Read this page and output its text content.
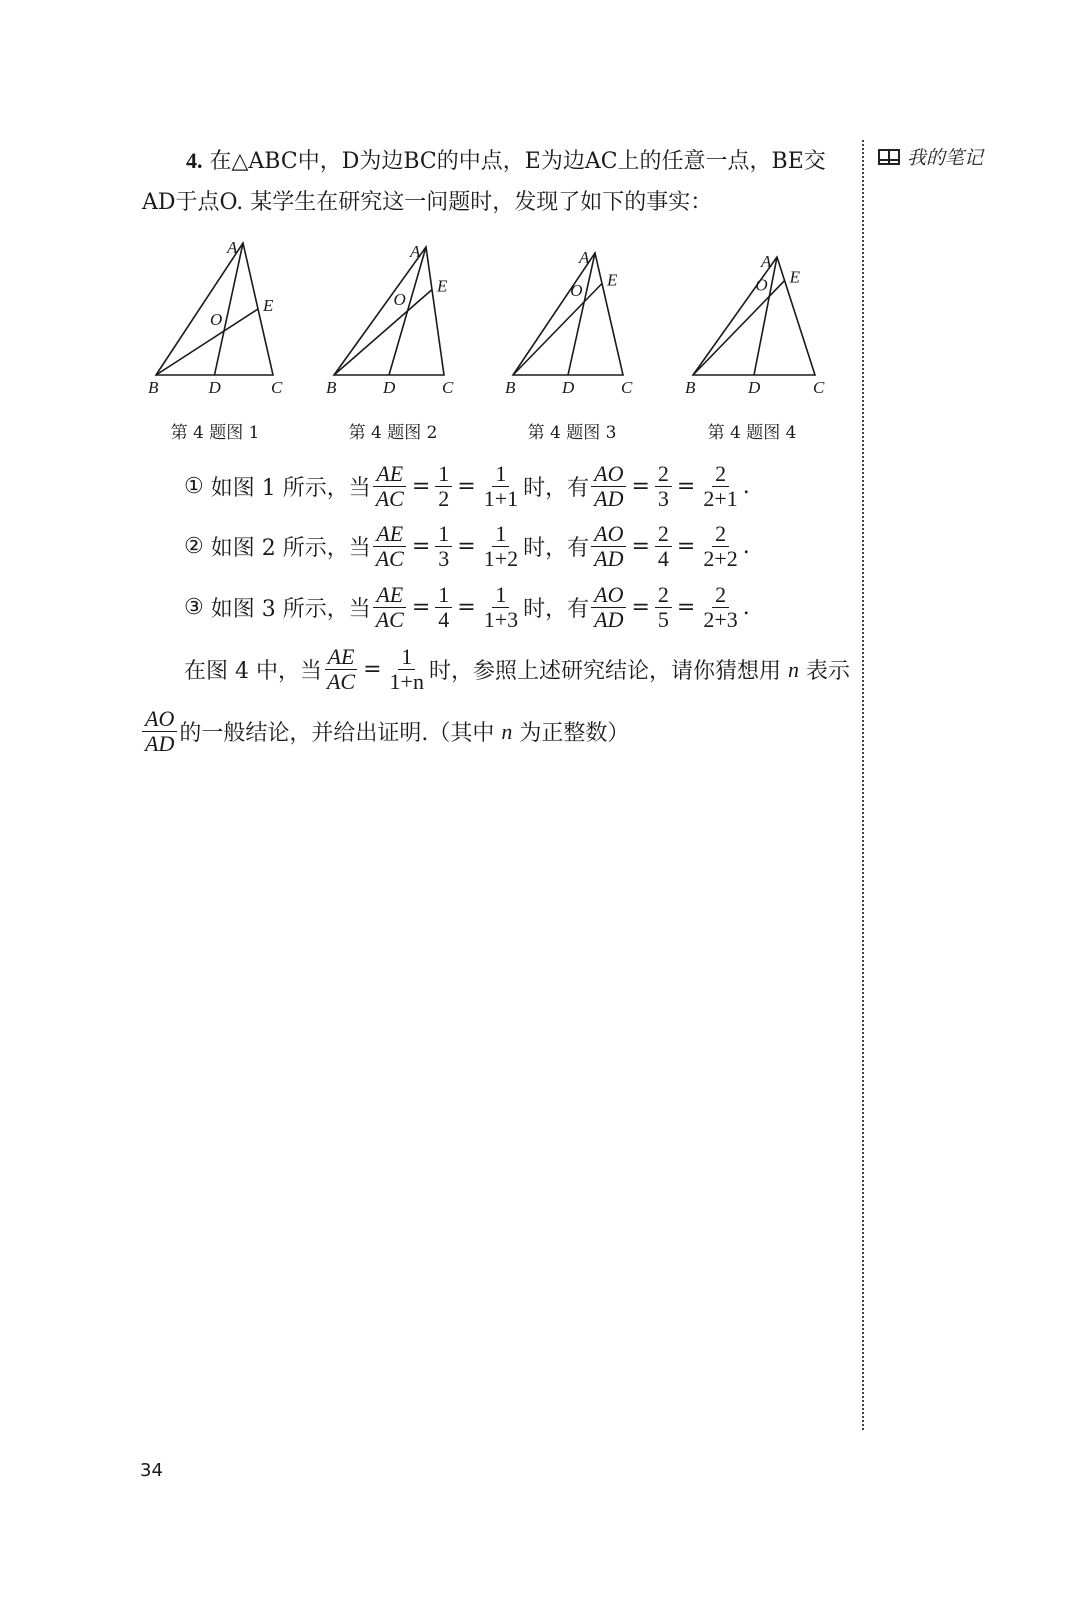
我的笔记
4. 在△ABC中，D为边BC的中点，E为边AC上的任意一点，BE交
AD于点O. 某学生在研究这一问题时，发现了如下的事实：
A
B	C
D
E
O
A
B	C
D
E
O
A
B	C
D
E
O
A
B	C
D
E
O
第 4 题图 1	第 4 题图 2	第 4 题图 3	第 4 题图 4
①
如图 1 所示，当 $\frac{AE}{AC} = \frac{1}{2} = \frac{1}{1+1}$ 时，有 $\frac{AO}{AD} = \frac{2}{3} = \frac{2}{2+1}$ .
②
如图 2 所示，当 $\frac{AE}{AC} = \frac{1}{3} = \frac{1}{1+2}$ 时，有 $\frac{AO}{AD} = \frac{2}{4} = \frac{2}{2+2}$ .
③
如图 3 所示，当 $\frac{AE}{AC} = \frac{1}{4} = \frac{1}{1+3}$ 时，有 $\frac{AO}{AD} = \frac{2}{5} = \frac{2}{2+3}$ .
在图 4 中，当 $\frac{AE}{AC} = \frac{1}{1+n}$ 时，参照上述研究结论，请你猜想用
n
表示
$\frac{AO}{AD}$ 的一般结论，并给出证明.（其中
n
为正整数）
34
